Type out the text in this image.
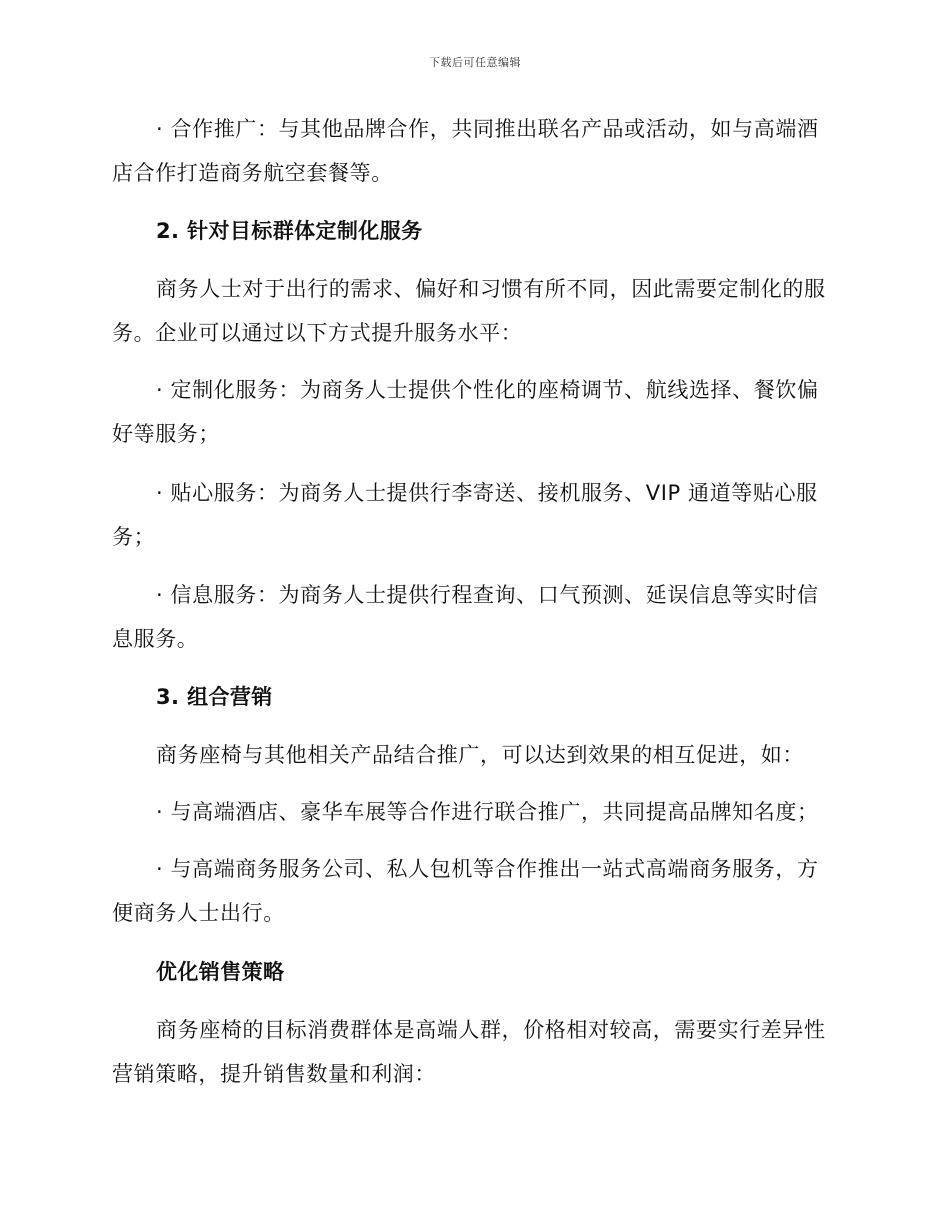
下载后可任意编辑
· 合作推广：与其他品牌合作，共同推出联名产品或活动，如与高端酒店合作打造商务航空套餐等。
2. 针对目标群体定制化服务
商务人士对于出行的需求、偏好和习惯有所不同，因此需要定制化的服务。企业可以通过以下方式提升服务水平：
· 定制化服务：为商务人士提供个性化的座椅调节、航线选择、餐饮偏好等服务；
· 贴心服务：为商务人士提供行李寄送、接机服务、VIP 通道等贴心服务；
· 信息服务：为商务人士提供行程查询、口气预测、延误信息等实时信息服务。
3. 组合营销
商务座椅与其他相关产品结合推广，可以达到效果的相互促进，如：
· 与高端酒店、豪华车展等合作进行联合推广，共同提高品牌知名度；
· 与高端商务服务公司、私人包机等合作推出一站式高端商务服务，方便商务人士出行。
优化销售策略
商务座椅的目标消费群体是高端人群，价格相对较高，需要实行差异性营销策略，提升销售数量和利润：
